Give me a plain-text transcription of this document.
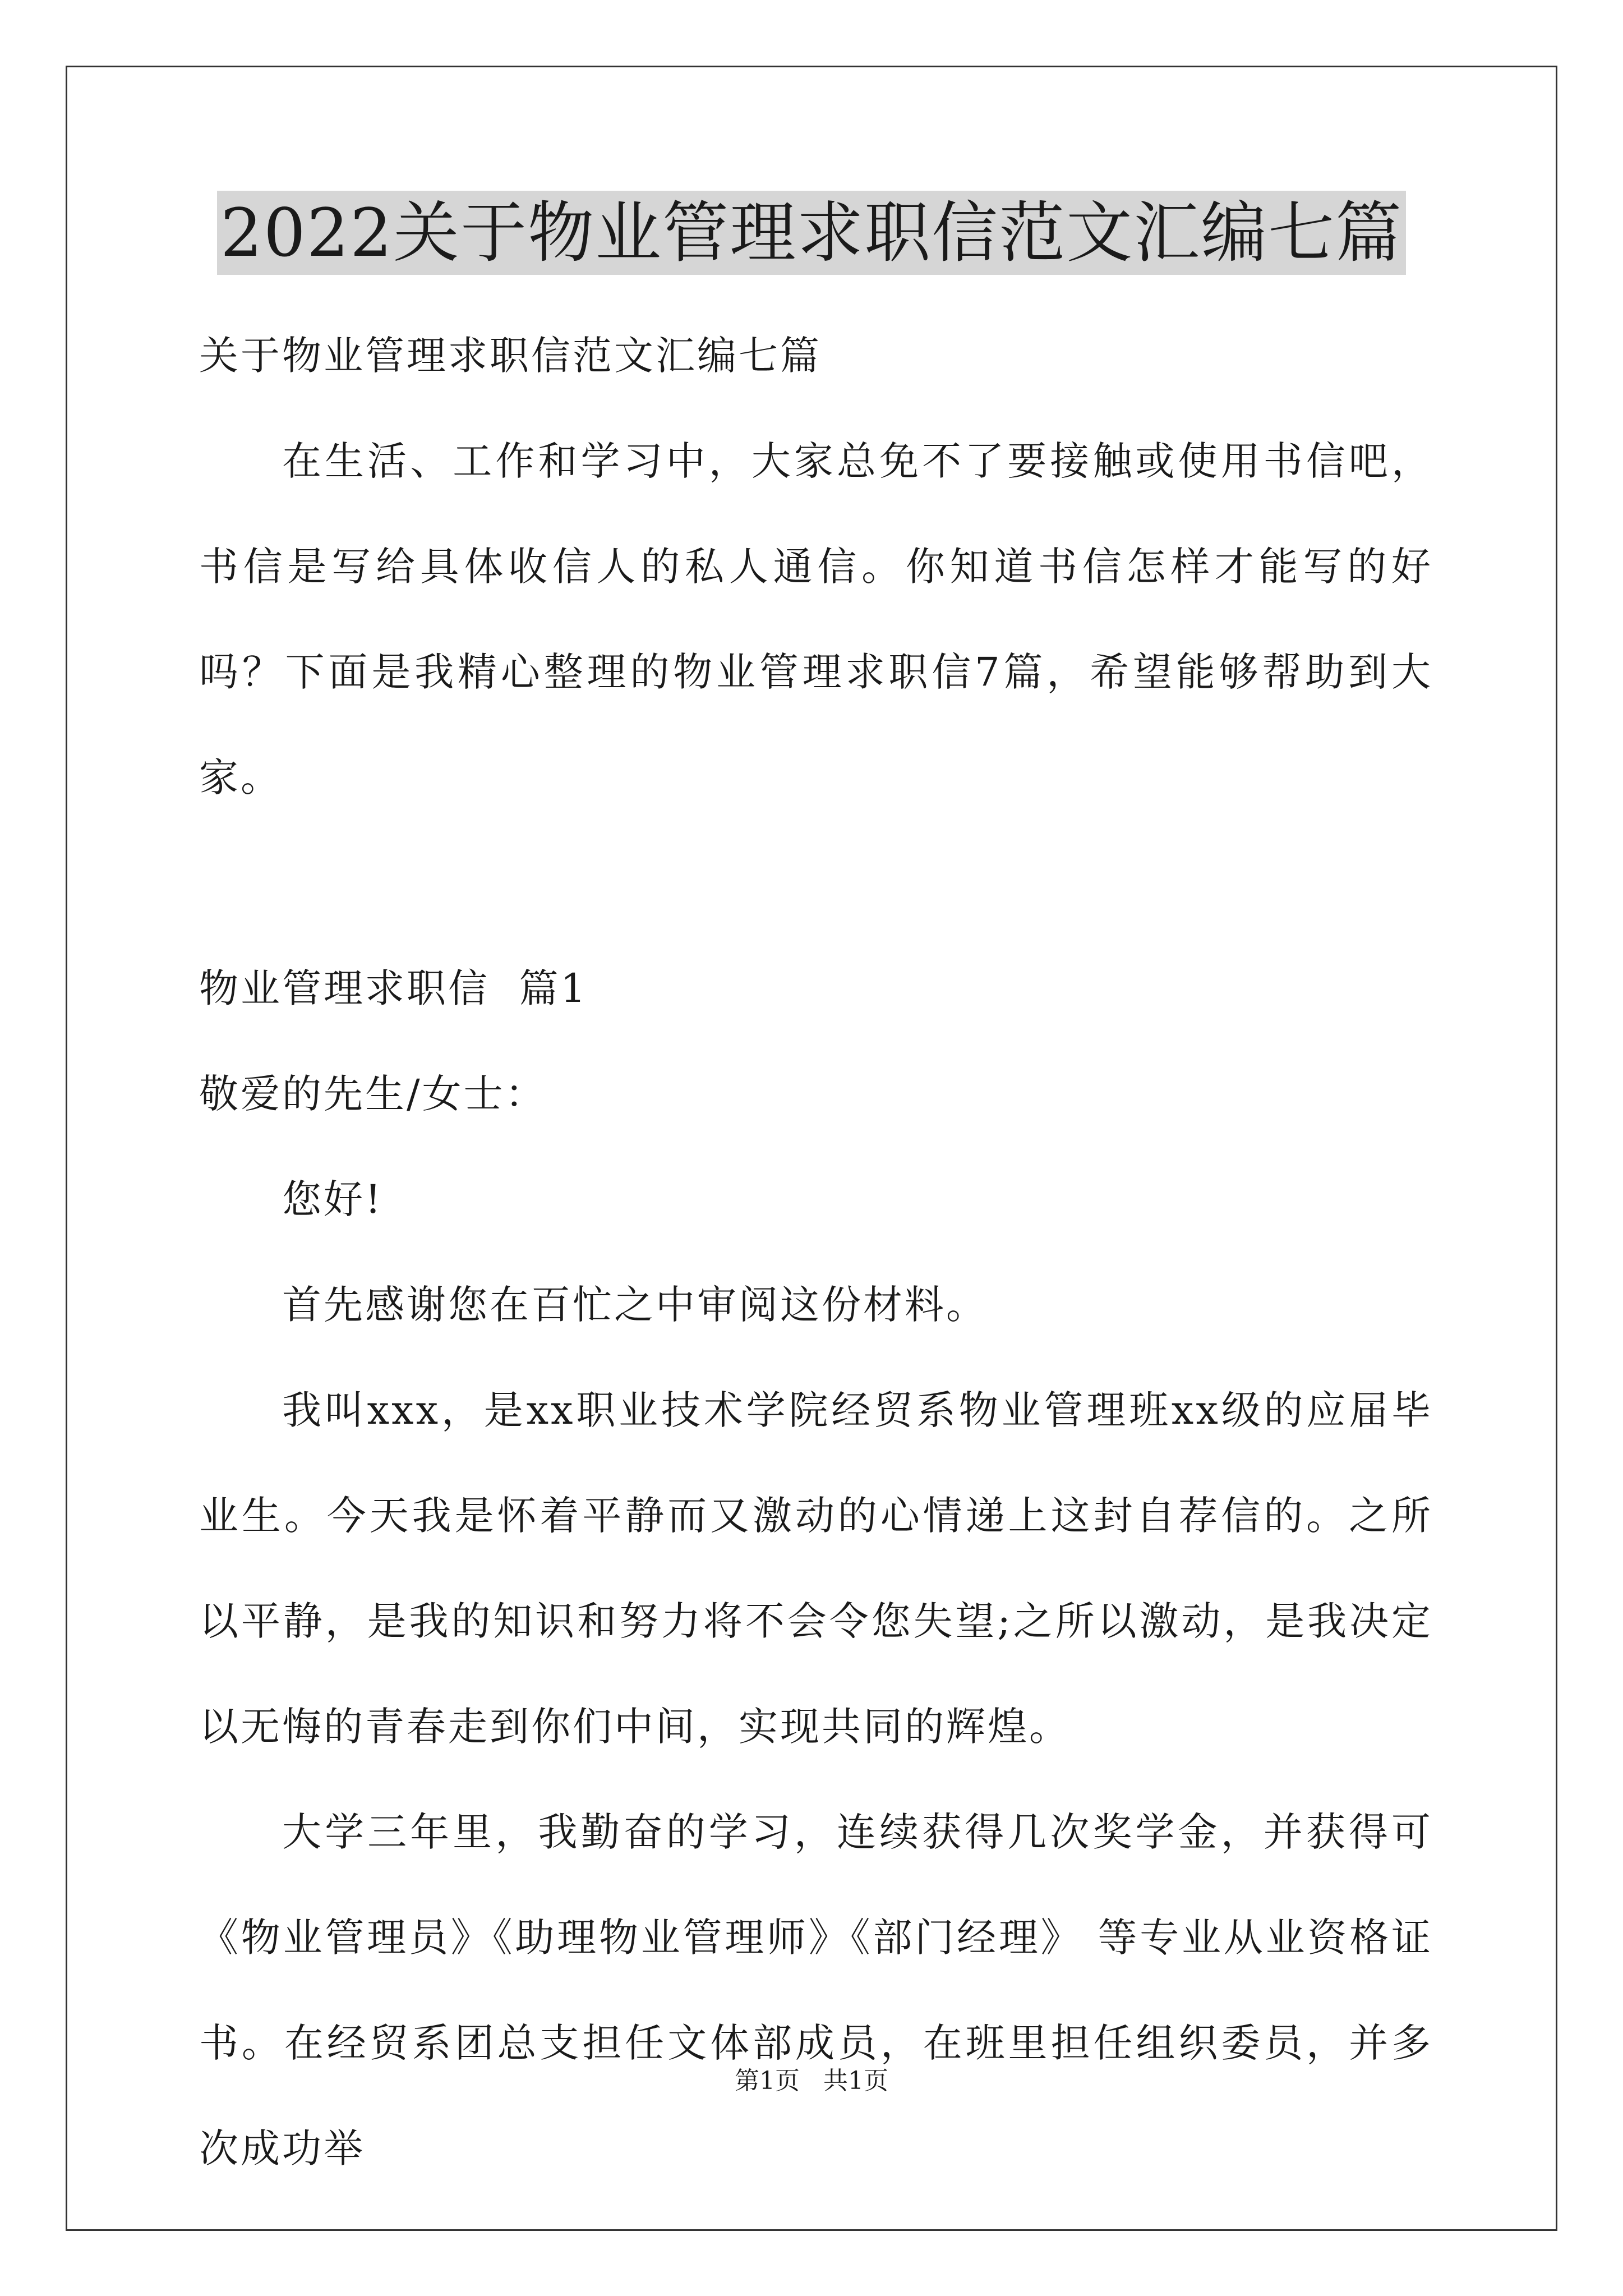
2022关于物业管理求职信范文汇编七篇

关于物业管理求职信范文汇编七篇

在生活、工作和学习中，大家总免不了要接触或使用书信吧，书信是写给具体收信人的私人通信。你知道书信怎样才能写的好吗？下面是我精心整理的物业管理求职信7篇，希望能够帮助到大家。

物业管理求职信  篇1

敬爱的先生/女士：

您好!

首先感谢您在百忙之中审阅这份材料。

我叫xxx，是xx职业技术学院经贸系物业管理班xx级的应届毕业生。今天我是怀着平静而又激动的心情递上这封自荐信的。之所以平静，是我的知识和努力将不会令您失望;之所以激动，是我决定以无悔的青春走到你们中间，实现共同的辉煌。

大学三年里，我勤奋的学习，连续获得几次奖学金，并获得可《物业管理员》《助理物业管理师》《部门经理》 等专业从业资格证书。在经贸系团总支担任文体部成员，在班里担任组织委员，并多次成功举

第1页   共1页
